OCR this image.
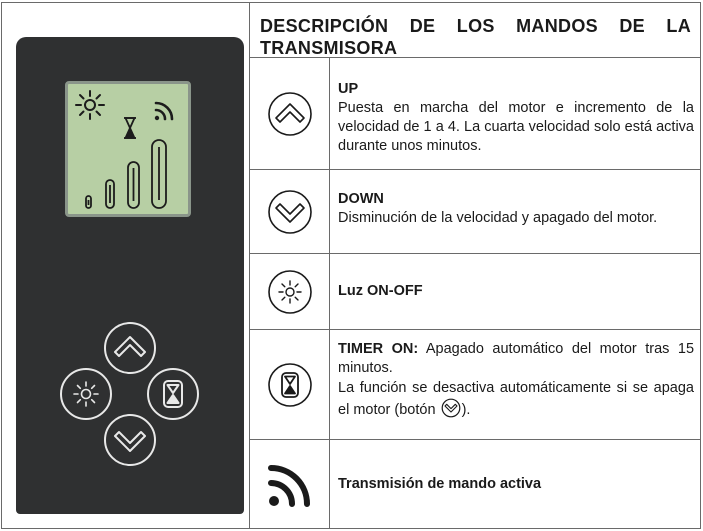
DESCRIPCIÓN DE LOS MANDOS DE LA TRANSMISORA
UP
Puesta en marcha del motor e incremento de la velocidad de 1 a 4. La cuarta velocidad solo está activa durante unos minutos.
DOWN
Disminución de la velocidad y apagado del motor.
Luz ON-OFF
TIMER ON: Apagado automático del motor tras 15 minutos.
La función se desactiva automáticamente si se apaga el motor (botón ).
Transmisión de mando activa
